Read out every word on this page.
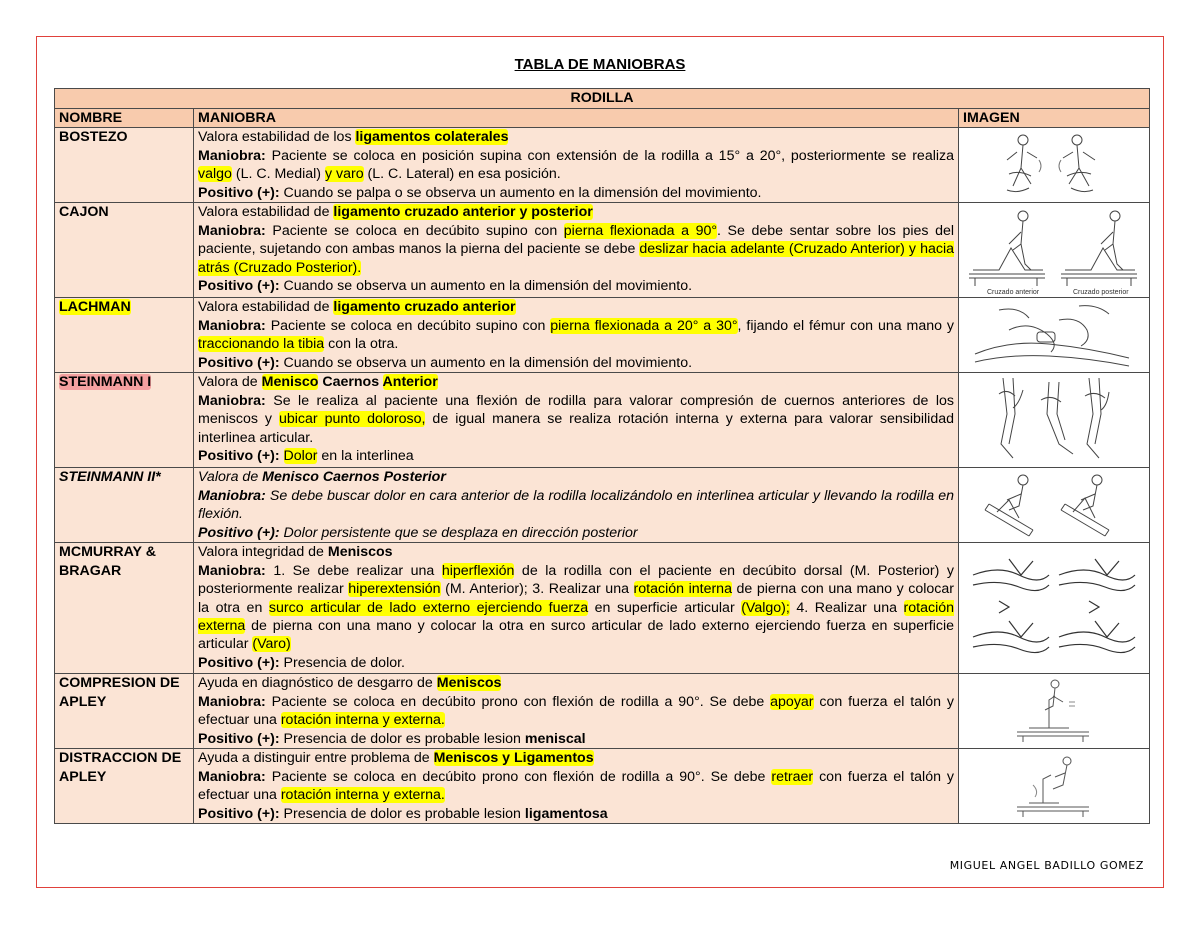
TABLA DE MANIOBRAS
RODILLA		
NOMBRE	MANIOBRA	IMAGEN
BOSTEZO	Valora estabilidad de los ligamentos colaterales
Maniobra: Paciente se coloca en posición supina con extensión de la rodilla a 15° a 20°, posteriormente se realiza valgo (L. C. Medial) y varo (L. C. Lateral) en esa posición.
Positivo (+): Cuando se palpa o se observa un aumento en la dimensión del movimiento.	

CAJON	Valora estabilidad de ligamento cruzado anterior y posterior
Maniobra: Paciente se coloca en decúbito supino con pierna flexionada a 90°. Se debe sentar sobre los pies del paciente, sujetando con ambas manos la pierna del paciente se debe deslizar hacia adelante (Cruzado Anterior) y hacia atrás (Cruzado Posterior).
Positivo (+): Cuando se observa un aumento en la dimensión del movimiento.	Cruzado anterior Cruzado posterior

LACHMAN	Valora estabilidad de ligamento cruzado anterior
Maniobra: Paciente se coloca en decúbito supino con pierna flexionada a 20° a 30°, fijando el fémur con una mano y traccionando la tibia con la otra.
Positivo (+): Cuando se observa un aumento en la dimensión del movimiento.	

STEINMANN I	Valora de Menisco Caernos Anterior
Maniobra: Se le realiza al paciente una flexión de rodilla para valorar compresión de cuernos anteriores de los meniscos y ubicar punto doloroso, de igual manera se realiza rotación interna y externa para valorar sensibilidad interlinea articular.
Positivo (+): Dolor en la interlinea	

STEINMANN II*	Valora de Menisco Caernos Posterior
Maniobra: Se debe buscar dolor en cara anterior de la rodilla localizándolo en interlinea articular y llevando la rodilla en flexión.
Positivo (+): Dolor persistente que se desplaza en dirección posterior	

MCMURRAY & BRAGAR	Valora integridad de Meniscos
Maniobra: 1. Se debe realizar una hiperflexión de la rodilla con el paciente en decúbito dorsal (M. Posterior) y posteriormente realizar hiperextensión (M. Anterior); 3. Realizar una rotación interna de pierna con una mano y colocar la otra en surco articular de lado externo ejerciendo fuerza en superficie articular (Valgo); 4. Realizar una rotación externa de pierna con una mano y colocar la otra en surco articular de lado externo ejerciendo fuerza en superficie articular (Varo)
Positivo (+): Presencia de dolor.	

COMPRESION DE APLEY	Ayuda en diagnóstico de desgarro de Meniscos
Maniobra: Paciente se coloca en decúbito prono con flexión de rodilla a 90°. Se debe apoyar con fuerza el talón y efectuar una rotación interna y externa.
Positivo (+): Presencia de dolor es probable lesion meniscal	

DISTRACCION DE APLEY	Ayuda a distinguir entre problema de Meniscos y Ligamentos
Maniobra: Paciente se coloca en decúbito prono con flexión de rodilla a 90°. Se debe retraer con fuerza el talón y efectuar una rotación interna y externa.
Positivo (+): Presencia de dolor es probable lesion ligamentosa	
MIGUEL ANGEL BADILLO GOMEZ
